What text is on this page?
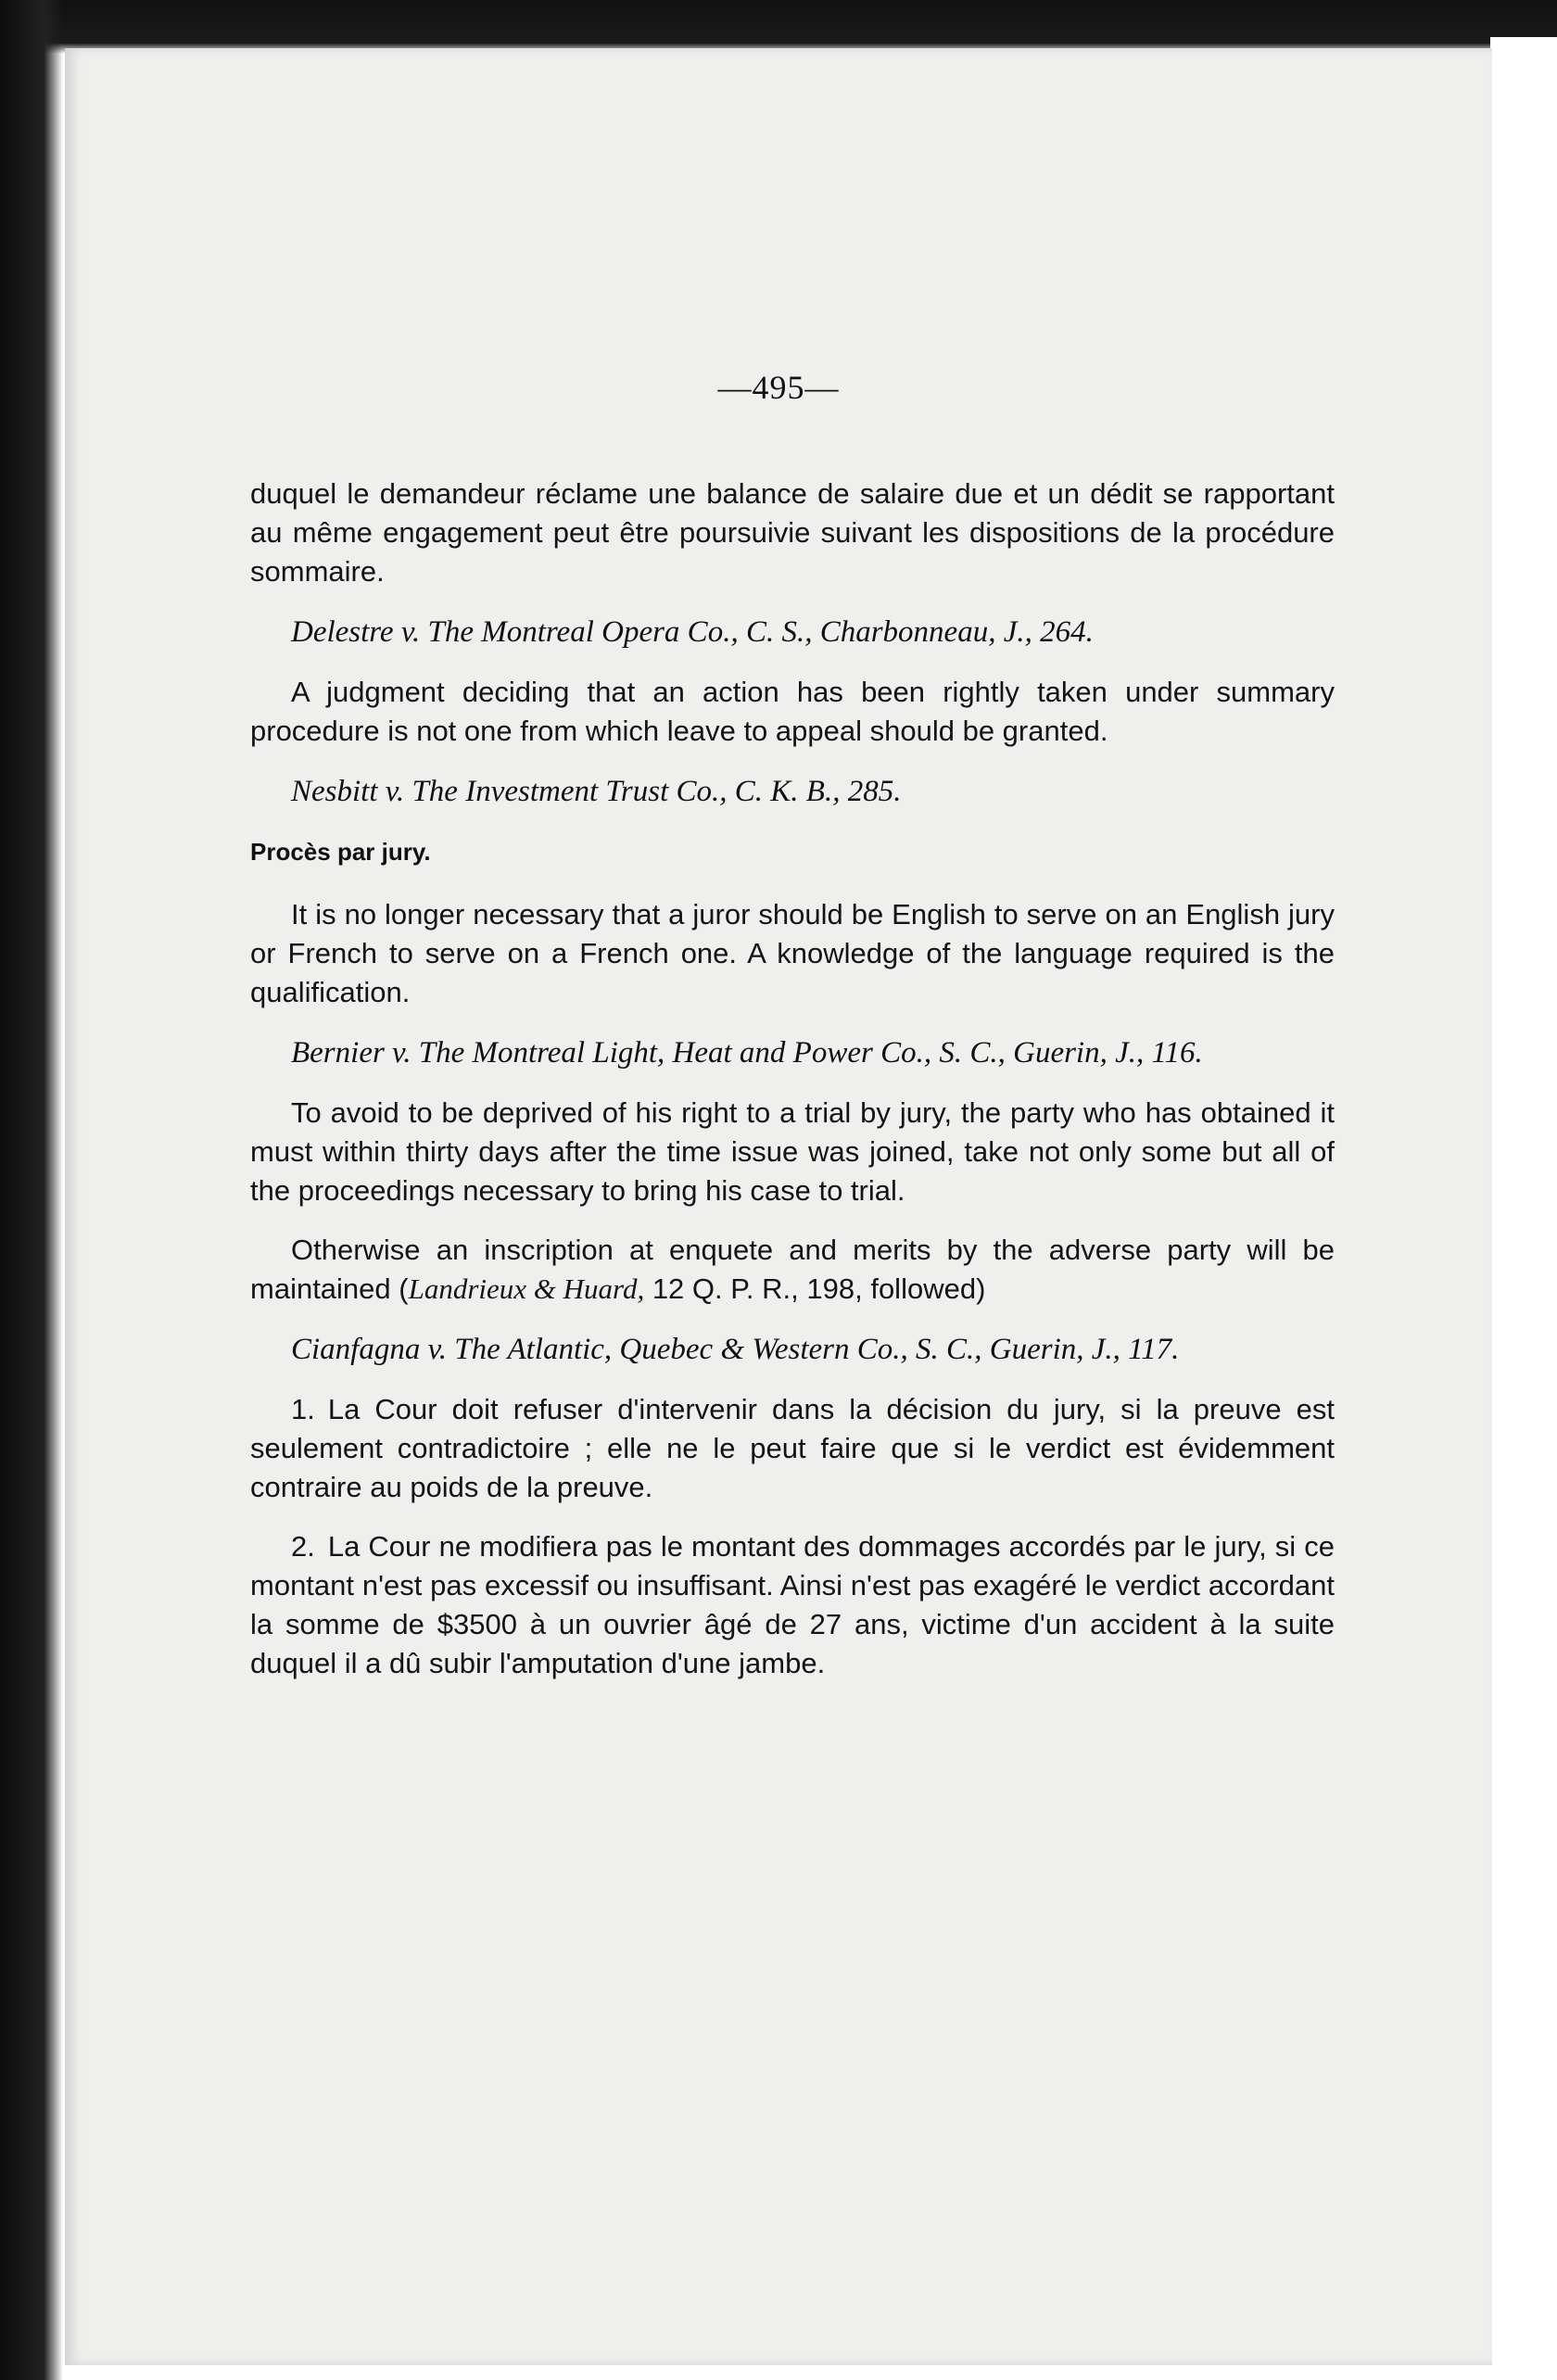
—495—

duquel le demandeur réclame une balance de salaire due et un dédit se rapportant au même engagement peut être poursuivie suivant les dispositions de la procédure sommaire.

Delestre v. The Montreal Opera Co., C. S., Charbonneau, J., 264.

A judgment deciding that an action has been rightly taken under summary procedure is not one from which leave to appeal should be granted.

Nesbitt v. The Investment Trust Co., C. K. B., 285.

Procès par jury.

It is no longer necessary that a juror should be English to serve on an English jury or French to serve on a French one. A knowledge of the language required is the qualification.

Bernier v. The Montreal Light, Heat and Power Co., S. C., Guerin, J., 116.

To avoid to be deprived of his right to a trial by jury, the party who has obtained it must within thirty days after the time issue was joined, take not only some but all of the proceedings necessary to bring his case to trial.

Otherwise an inscription at enquete and merits by the adverse party will be maintained (Landrieux & Huard, 12 Q. P. R., 198, followed)

Cianfagna v. The Atlantic, Quebec & Western Co., S. C., Guerin, J., 117.

1. La Cour doit refuser d'intervenir dans la décision du jury, si la preuve est seulement contradictoire ; elle ne le peut faire que si le verdict est évidemment contraire au poids de la preuve.

2. La Cour ne modifiera pas le montant des dommages accordés par le jury, si ce montant n'est pas excessif ou insuffisant. Ainsi n'est pas exagéré le verdict accordant la somme de $3500 à un ouvrier âgé de 27 ans, victime d'un accident à la suite duquel il a dû subir l'amputation d'une jambe.
